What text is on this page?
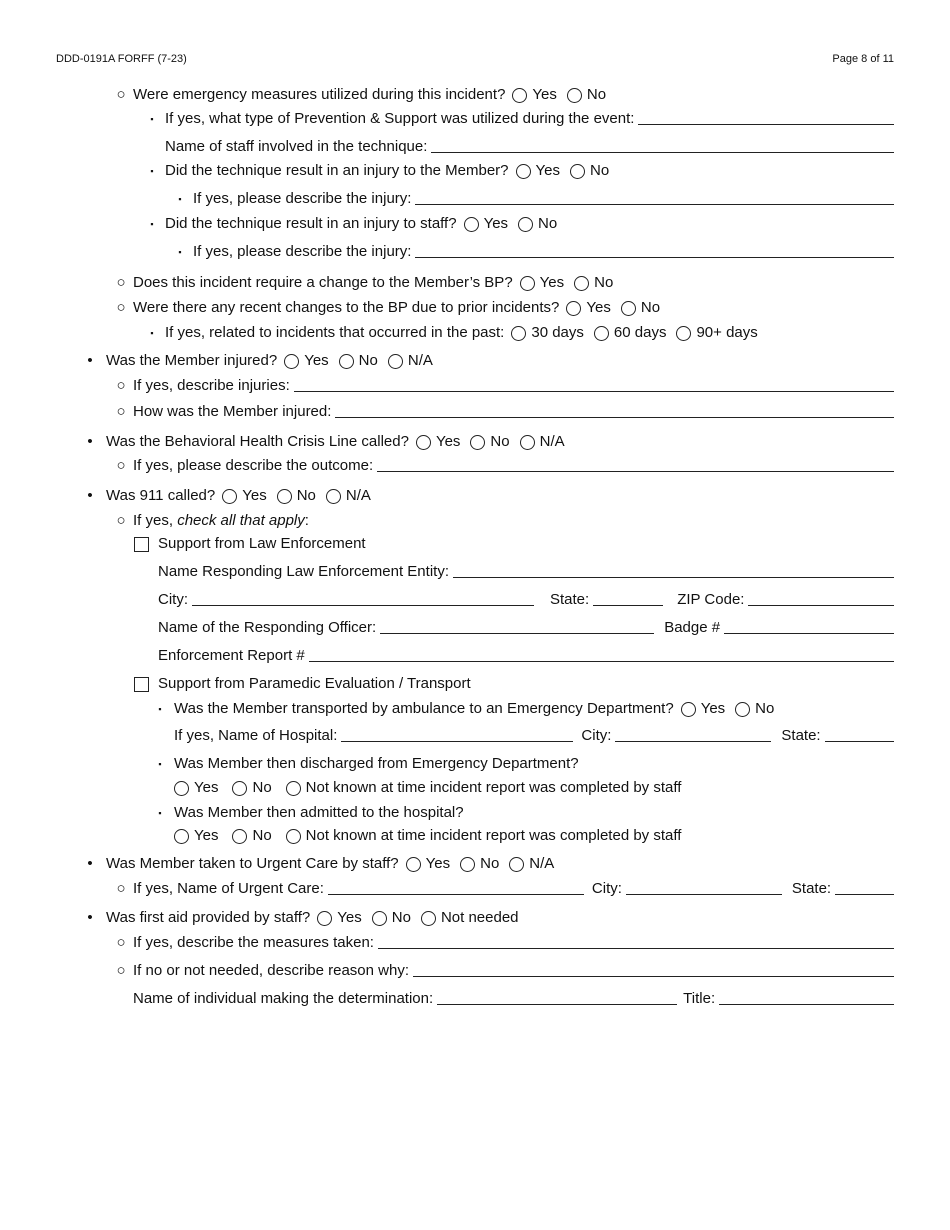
DDD-0191A FORFF (7-23)	Page 8 of 11
○ Were emergency measures utilized during this incident? Yes No
▪ If yes, what type of Prevention & Support was utilized during the event:
Name of staff involved in the technique:
▪ Did the technique result in an injury to the Member? Yes No
▪ If yes, please describe the injury:
▪ Did the technique result in an injury to staff? Yes No
▪ If yes, please describe the injury:
○ Does this incident require a change to the Member’s BP? Yes No
○ Were there any recent changes to the BP due to prior incidents? Yes No
▪ If yes, related to incidents that occurred in the past: 30 days 60 days 90+ days
• Was the Member injured? Yes No N/A
○ If yes, describe injuries:
○ How was the Member injured:
• Was the Behavioral Health Crisis Line called? Yes No N/A
○ If yes, please describe the outcome:
• Was 911 called? Yes No N/A
○ If yes, check all that apply :
Support from Law Enforcement
Name Responding Law Enforcement Entity:
City:	State:	ZIP Code:
Name of the Responding Officer:	Badge #
Enforcement Report #
Support from Paramedic Evaluation / Transport
▪ Was the Member transported by ambulance to an Emergency Department? Yes No
If yes, Name of Hospital:	City:	State:
▪ Was Member then discharged from Emergency Department?
Yes No Not known at time incident report was completed by staff
▪ Was Member then admitted to the hospital?
Yes No Not known at time incident report was completed by staff
• Was Member taken to Urgent Care by staff? Yes No N/A
○ If yes, Name of Urgent Care:	City:	State:
• Was first aid provided by staff? Yes No Not needed
○ If yes, describe the measures taken:
○ If no or not needed, describe reason why:
Name of individual making the determination:	Title:
